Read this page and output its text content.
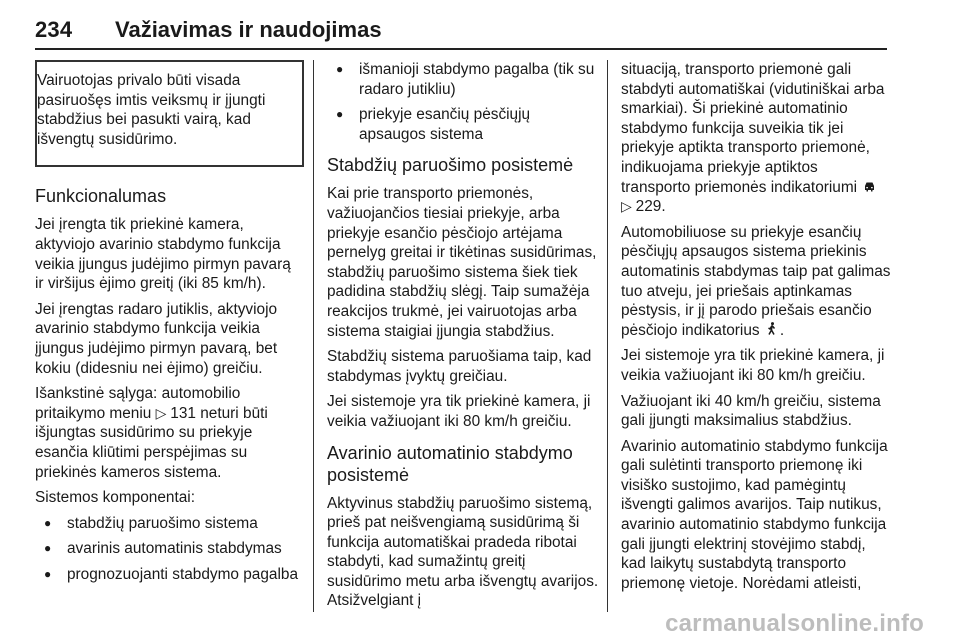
234 Važiavimas ir naudojimas

Vairuotojas privalo būti visada pasiruošęs imtis veiksmų ir įjungti stabdžius bei pasukti vairą, kad išvengtų susidūrimo.

Funkcionalumas

Jei įrengta tik priekinė kamera, aktyviojo avarinio stabdymo funkcija veikia įjungus judėjimo pirmyn pavarą ir viršijus ėjimo greitį (iki 85 km/h).

Jei įrengtas radaro jutiklis, aktyviojo avarinio stabdymo funkcija veikia įjungus judėjimo pirmyn pavarą, bet kokiu (didesniu nei ėjimo) greičiu.

Išankstinė sąlyga: automobilio pritaikymo meniu ▷ 131 neturi būti išjungtas susidūrimo su priekyje esančia kliūtimi perspėjimas su priekinės kameros sistema.

Sistemos komponentai:

● stabdžių paruošimo sistema
● avarinis automatinis stabdymas
● prognozuojanti stabdymo pagalba
● išmanioji stabdymo pagalba (tik su radaro jutikliu)
● priekyje esančių pėsčiųjų apsaugos sistema
Stabdžių paruošimo posistemė

Kai prie transporto priemonės, važiuojančios tiesiai priekyje, arba priekyje esančio pėsčiojo artėjama pernelyg greitai ir tikėtinas susidūrimas, stabdžių paruošimo sistema šiek tiek padidina stabdžių slėgį. Taip sumažėja reakcijos trukmė, jei vairuotojas arba sistema staigiai įjungia stabdžius.

Stabdžių sistema paruošiama taip, kad stabdymas įvyktų greičiau.

Jei sistemoje yra tik priekinė kamera, ji veikia važiuojant iki 80 km/h greičiu.

Avarinio automatinio stabdymo posistemė

Aktyvinus stabdžių paruošimo sistemą, prieš pat neišvengiamą susidūrimą ši funkcija automatiškai pradeda ribotai stabdyti, kad sumažintų greitį susidūrimo metu arba išvengtų avarijos. Atsižvelgiant į

situaciją, transporto priemonė gali stabdyti automatiškai (vidutiniškai arba smarkiai). Ši priekinė automatinio stabdymo funkcija suveikia tik jei priekyje aptikta transporto priemonė, indikuojama priekyje aptiktos transporto priemonės indikatoriumi  ▷ 229.

Automobiliuose su priekyje esančių pėsčiųjų apsaugos sistema priekinis automatinis stabdymas taip pat galimas tuo atveju, jei priešais aptinkamas pėstysis, ir jį parodo priešais esančio pėsčiojo indikatorius .

Jei sistemoje yra tik priekinė kamera, ji veikia važiuojant iki 80 km/h greičiu.

Važiuojant iki 40 km/h greičiu, sistema gali įjungti maksimalius stabdžius.

Avarinio automatinio stabdymo funkcija gali sulėtinti transporto priemonę iki visiško sustojimo, kad pamėgintų išvengti galimos avarijos. Taip nutikus, avarinio automatinio stabdymo funkcija gali įjungti elektrinį stovėjimo stabdį, kad laikytų sustabdytą transporto priemonę vietoje. Norėdami atleisti,

carmanualsonline.info
